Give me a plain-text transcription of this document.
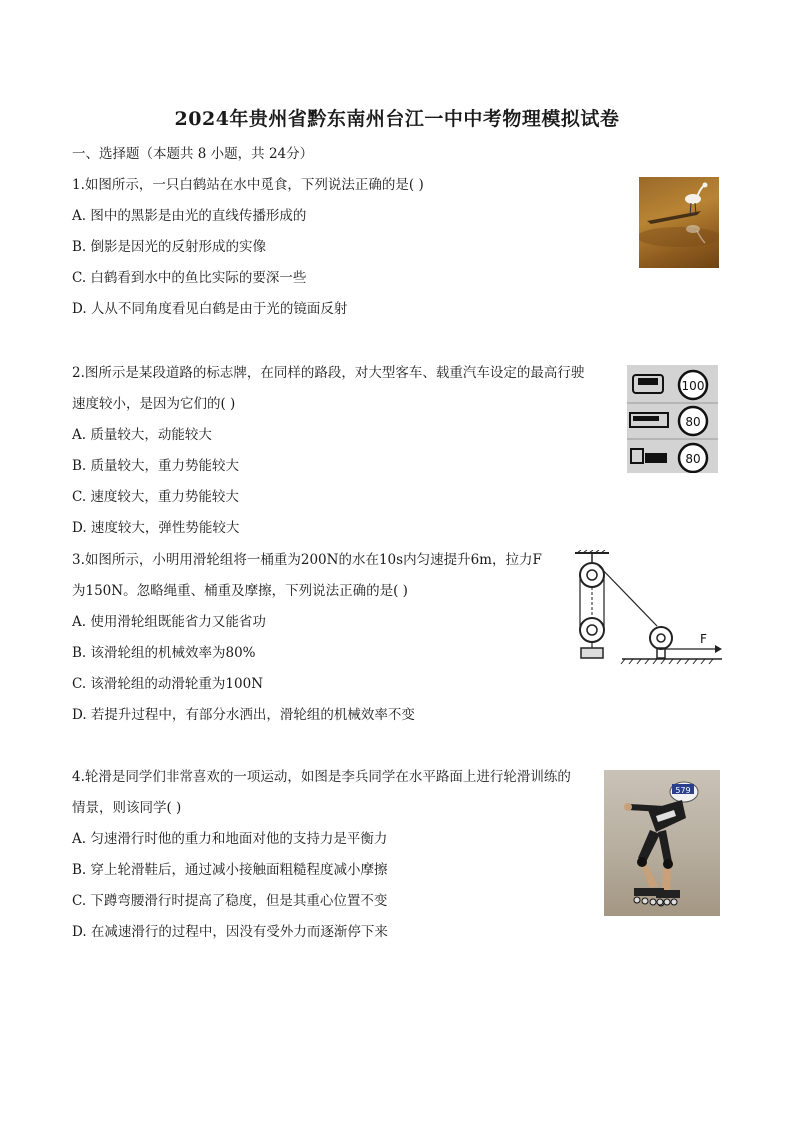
2024年贵州省黔东南州台江一中中考物理模拟试卷
一、选择题（本题共 8 小题，共 24分）
1.如图所示，一只白鹤站在水中觅食，下列说法正确的是( )
A. 图中的黑影是由光的直线传播形成的
B. 倒影是因光的反射形成的实像
C. 白鹤看到水中的鱼比实际的要深一些
D. 人从不同角度看见白鹤是由于光的镜面反射
2.图所示是某段道路的标志牌，在同样的路段，对大型客车、载重汽车设定的最高行驶
速度较小，是因为它们的( )
A. 质量较大，动能较大
B. 质量较大，重力势能较大
C. 速度较大，重力势能较大
D. 速度较大，弹性势能较大
100
80
80
3.如图所示，小明用滑轮组将一桶重为200N的水在10s内匀速提升6m，拉力F
为150N。忽略绳重、桶重及摩擦，下列说法正确的是( )
A. 使用滑轮组既能省力又能省功
B. 该滑轮组的机械效率为80%
C. 该滑轮组的动滑轮重为100N
D. 若提升过程中，有部分水洒出，滑轮组的机械效率不变
F
4.轮滑是同学们非常喜欢的一项运动，如图是李兵同学在水平路面上进行轮滑训练的
情景，则该同学( )
A. 匀速滑行时他的重力和地面对他的支持力是平衡力
B. 穿上轮滑鞋后，通过减小接触面粗糙程度减小摩擦
C. 下蹲弯腰滑行时提高了稳度，但是其重心位置不变
D. 在减速滑行的过程中，因没有受外力而逐渐停下来
579
